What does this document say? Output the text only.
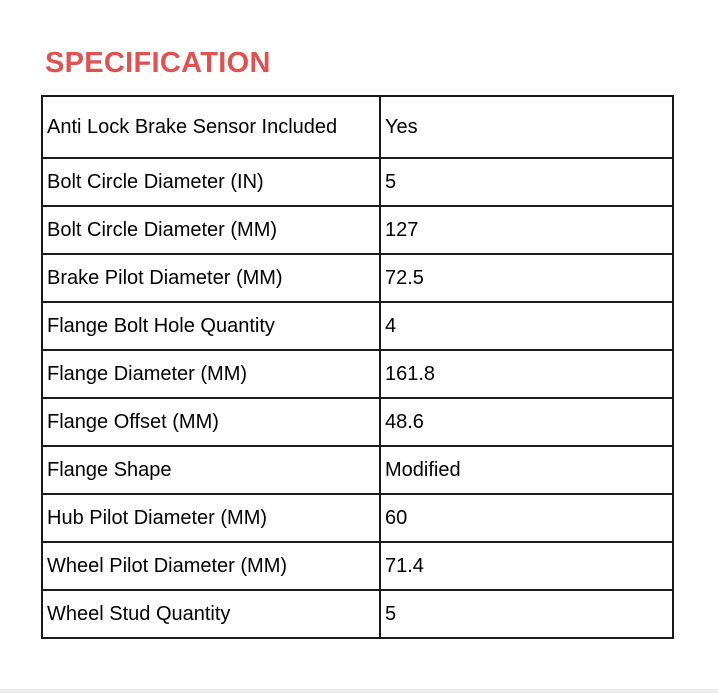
SPECIFICATION
Anti Lock Brake Sensor Included	Yes
Bolt Circle Diameter (IN)	5
Bolt Circle Diameter (MM)	127
Brake Pilot Diameter (MM)	72.5
Flange Bolt Hole Quantity	4
Flange Diameter (MM)	161.8
Flange Offset (MM)	48.6
Flange Shape	Modified
Hub Pilot Diameter (MM)	60
Wheel Pilot Diameter (MM)	71.4
Wheel Stud Quantity	5
